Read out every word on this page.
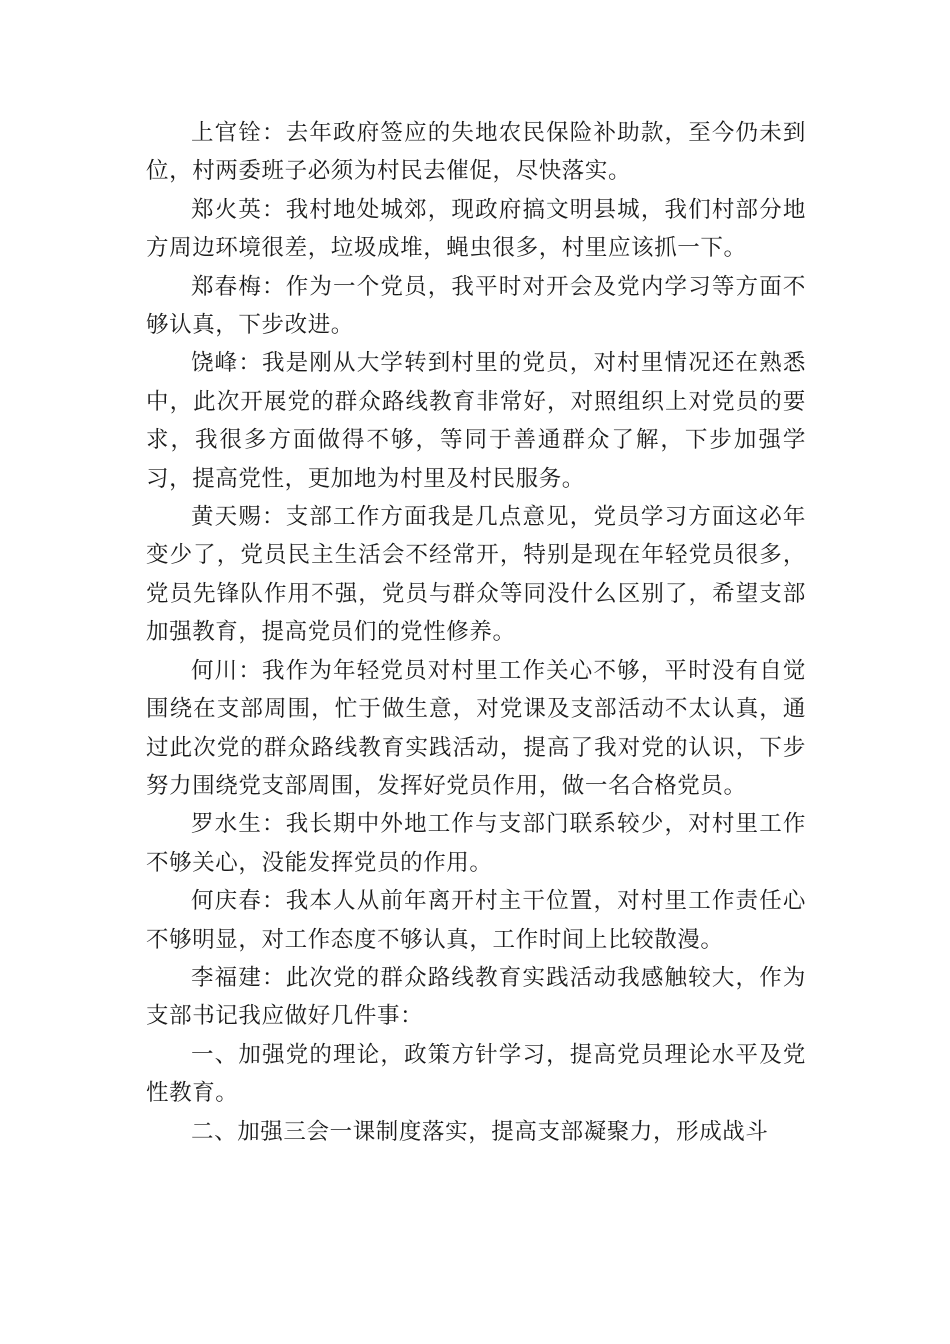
上官铨：去年政府签应的失地农民保险补助款，至今仍未到位，村两委班子必须为村民去催促，尽快落实。

郑火英：我村地处城郊，现政府搞文明县城，我们村部分地方周边环境很差，垃圾成堆，蝇虫很多，村里应该抓一下。

郑春梅：作为一个党员，我平时对开会及党内学习等方面不够认真，下步改进。

饶峰：我是刚从大学转到村里的党员，对村里情况还在熟悉中，此次开展党的群众路线教育非常好，对照组织上对党员的要求，我很多方面做得不够，等同于善通群众了解，下步加强学习，提高党性，更加地为村里及村民服务。

黄天赐：支部工作方面我是几点意见，党员学习方面这必年变少了，党员民主生活会不经常开，特别是现在年轻党员很多，党员先锋队作用不强，党员与群众等同没什么区别了，希望支部加强教育，提高党员们的党性修养。

何川：我作为年轻党员对村里工作关心不够，平时没有自觉围绕在支部周围，忙于做生意，对党课及支部活动不太认真，通过此次党的群众路线教育实践活动，提高了我对党的认识，下步努力围绕党支部周围，发挥好党员作用，做一名合格党员。

罗水生：我长期中外地工作与支部门联系较少，对村里工作不够关心，没能发挥党员的作用。

何庆春：我本人从前年离开村主干位置，对村里工作责任心不够明显，对工作态度不够认真，工作时间上比较散漫。

李福建：此次党的群众路线教育实践活动我感触较大，作为支部书记我应做好几件事：

一、加强党的理论，政策方针学习，提高党员理论水平及党性教育。

二、加强三会一课制度落实，提高支部凝聚力，形成战斗
